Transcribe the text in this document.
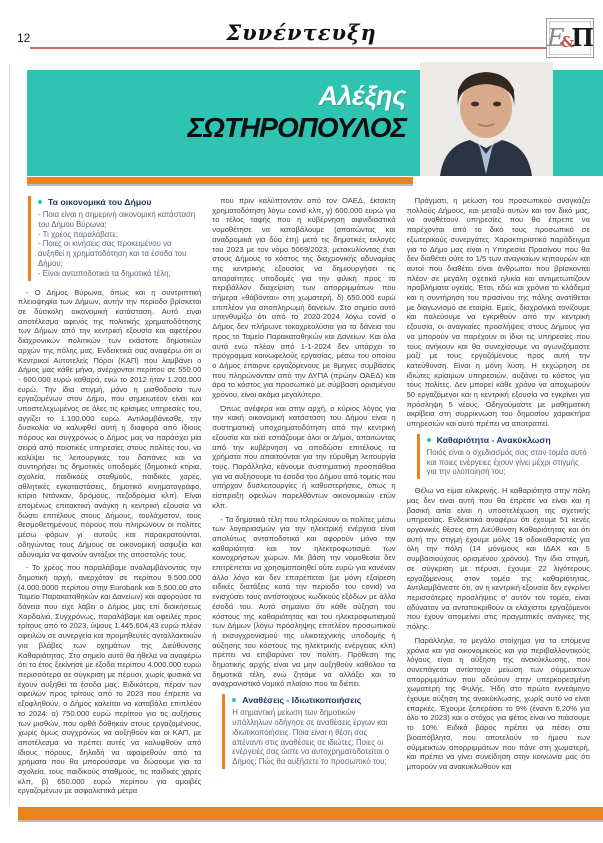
12	Συνέντευξη	Ε
&
Π
Αλέξης
ΣΩΤΗΡΟΠΟΥΛΟΣ
Τα οικονομικά του Δήμου
- Ποια είναι η σημερινή οικονομική κατάσταση του Δήμου Βύρωνα;
- Τι χρέος παραλάβατε;
- Ποιες οι κινήσεις σας προκειμένου να αυξηθεί η χρηματοδότηση και τα έσοδα του Δήμου;
- Είναι ανταποδοτικά τα δημοτικά τέλη;

- Ο Δήμος Βύρωνα, όπως και η συντριπτική πλειοψηφία των Δήμων, αυτήν την περίοδο βρίσκεται σε δύσκολη οικονομική κατάσταση. Αυτό είναι αποτέλεσμα αφενός της πολιτικής χρηματοδότησης των Δήμων από την κεντρική εξουσία και αφετέρου διαχρονικών πολιτικών των εκάστοτε δημοτικών αρχών της πόλης μας. Ενδεικτικά σας αναφέρω ότι οι Κεντρικοί Αυτοτελείς Πόροι (ΚΑΠ) που λαμβάνει ο Δήμος μας κάθε μήνα, ανέρχονται περίπου σε 550.00 - 600.000 ευρώ καθαρά, ενώ το 2012 ήταν 1.200.000 ευρώ. Την ίδια στιγμή, μόνο η μισθοδοσία των εργαζομένων στον Δήμο, που σημειωτέον είναι και υποστελεχωμένος σε όλες τις κρίσιμες υπηρεσίες του, αγγίζει το 1.100.000 ευρώ. Αντιλαμβάνεσθε, την δυσκολία να καλυφθεί αυτή η διαφορά από ίδιους πόρους και συγχρόνως ο Δήμος μας να παράσχει μία σειρά από ποιοτικές υπηρεσίες στους πολίτες του, να καλύψει τις λειτουργικές του δαπάνες και να συντηρήσει τις δημοτικές υποδομές (δημοτικά κτίρια, σχολεία, παιδικούς σταθμούς, παιδικές χαρές, αθλητικές εγκαταστάσεις, δημοτικό κινηματογράφο, κτίριο Ντάνκαν, δρόμους, πεζοδρόμια κλπ). Είναι επομένως επιτακτική ανάγκη η κεντρική εξουσία να δώσει επιτέλους στους Δήμους, τουλάχιστον, τους θεσμοθετημένους πόρους που πληρώνουν οι πολίτες μέσω φόρων γι` αυτούς και παρακρατούνται, οδηγώντας τους Δήμους σε οικονομική ασφυξία και αδυναμία να φανούν αντάξιοι της αποστολής τους.

- Το χρέος που παραλάβαμε αναλαμβάνοντας την δημοτική αρχή, ανερχόταν σε περίπου 9.500.000 (4.000.0000 περίπου στην Eurobank και 5.500.00 στο Ταμείο Παρακαταθηκών και Δανείων) και αφορούσε τα δάνεια που είχε λάβει ο Δήμος μας επί διοικήσεως Χαρδαλιά. Συγχρόνως, παραλάβαμε και οφειλές προς τρίτους από το 2023, ύψους 1.445.604,43 ευρώ πλέον οφειλών σε συνεργεία και προμηθευτές ανταλλακτικών για βλάβες των οχημάτων της Διεύθυνσης Καθαριότητας. Στο σημείο αυτό θα ήθελα να αναφέρω ότι το έτος ξεκίνησε με έξοδα περίπου 4.000.000 ευρώ περισσότερα σε σύγκριση με πέρυσι, χωρίς φυσικά να έχουν αυξηθεί τα έσοδα μας. Ειδικότερα, πέραν των οφειλών προς τρίτους από το 2023 που έπρεπε να εξοφληθούν, ο Δήμος καλείται να καταβάλει επιπλέον το 2024: α) 750.000 ευρώ περίπου για τις αυξήσεις των μισθών, που ορθά δόθηκαν στους εργαζομένους, χωρίς όμως συγχρόνως να αυξηθούν και οι ΚΑΠ, με αποτέλεσμα να πρέπει αυτές να καλυφθούν από ίδιους πόρους, δηλαδή να αφαιρεθούν από τα χρήματα που θα μπορούσαμε να δώσουμε για τα σχολεία, τους παιδικούς σταθμούς, τις παιδικές χαρές κλπ, β) 650.000 ευρώ περίπου για αμοιβές εργαζομένων με ασφαλιστικά μέτρα

που πριν καλύπτονταν από τον ΟΑΕΔ, έκτακτη χρηματοδότηση λόγω covid κλπ, γ) 600.000 ευρώ για το τέλος ταφής που η κυβέρνηση αιφνιδιαστικά νομοθέτησε να καταβάλουμε (απαιτώντας και αναδρομικά για δύο έτη) μετά τις δημοτικές εκλογές του 2023 με τον νόμο 5069/2023, μετακυλίοντας έτσι στους Δήμους το κόστος της διαχρονικής αδυναμίας της κεντρικής εξουσίας να δημιουργήσει τις απαραίτητες υποδομές για την φιλική προς το περιβάλλον διαχείριση των απορριμμάτων που σήμερα «θάβονται» στη χωματερή, δ) 650.000 ευρώ επιπλέον για αποπληρωμή δανείων. Στο σημείο αυτό υπενθυμίζω ότι από το 2020-2024 λόγω covid ο Δήμος δεν πλήρωνε τοκοχρεολύσια για τα δάνεια του προς το Ταμείο Παρακαταθηκών και Δανείων. Και όλα αυτά ενώ πλέον από 1-1-2024 δεν υπάρχει το πρόγραμμα κοινωφελούς εργασίας, μέσω του οποίου ο Δήμος έπαιρνε εργαζόμενους με 8μηνες συμβάσεις που πληρώνονταν από την ΔΥΠΑ (πρώην ΟΑΕΔ) και άρα το κόστος για προσωπικό με σύμβαση ορισμένου χρόνου, είναι ακόμα μεγαλύτερο.

Όπως ανέφερα και στην αρχή, ο κύριος λόγος για την κακή οικονομική κατάσταση του Δήμου είναι η συστηματική υποχρηματοδότηση από την κεντρική εξουσία και εκεί εστιάζουμε όλοι οι Δήμοι, απαιτώντας από την κυβέρνηση να αποδώσει επιτέλους τα χρήματα που απαιτούνται για την εύρυθμη λειτουργία τους. Παράλληλα, κάνουμε συστηματική προσπάθεια για να αυξήσουμε τα έσοδα του Δήμου από τομείς που υπήρχαν δυσλειτουργίες ή καθυστερήσεις, όπως η είσπραξη οφειλών παρελθόντων οικονομικών ετών κλπ.

- Τα δημοτικά τέλη που πληρώνουν οι πολίτες μέσω των λογαριασμών για την ηλεκτρική ενέργεια είναι απολύτως ανταποδοτικά και αφορούν μόνο την καθαριότητα και τον ηλεκτροφωτισμό των κοινοχρήστων χώρων. Με βάση την νομοθεσία δεν επιτρέπεται να χρησιμοποιηθεί ούτε ευρώ για κανέναν άλλο λόγο και δεν επιτρέπεται (με μόνη εξαίρεση ειδικές διατάξεις κατά την περίοδο του covid) να ενισχύσει τους αντίστοιχους κωδικούς εξόδων με άλλα έσοδά του. Αυτό σημαίνει ότι κάθε αύξηση του κόστους της καθαριότητας και του ηλεκτροφωτισμού των Δήμων (λόγω πρόσληψης επιπλέον προσωπικού ή εκσυγχρονισμού της υλικοτεχνικής υποδομής ή αύξησης του κόστους της ηλεκτρικής ενέργειας κλπ) πρέπει να επιβαρύνει τον πολίτη. Πρόθεση της δημοτικής αρχής είναι να μην αυξηθούν καθόλου τα δημοτικά τέλη, ενώ ζητάμε να αλλάξει και το αναχρονιστικό νομικό πλαίσιο που τα διέπει.

Αναθέσεις - Ιδιωτικοποιήσεις
Η σημαντική μείωση των δημοτικών υπάλληλων οδήγησε σε αναθέσεις έργων και ιδιωτικοποιήσεις. Ποια είναι η θέση σας απέναντι στις αναθέσεις σε ιδιώτες; Ποιες οι ενέργειές σας ώστε να αυτοχρηματοδοτείται ο Δήμος; Πώς θα αυξήσετε το προσωπικό του;

Πράγματι, η μείωση του προσωπικού αναγκάζει πολλούς Δήμους, και μεταξύ αυτών και τον δικό μας, να αναθέτουν υπηρεσίες που θα έπρεπε να παρέχονται από το δικό τους προσωπικό σε εξωτερικούς συνεργάτες. Χαρακτηριστικό παράδειγμα για το Δήμο μας είναι η Υπηρεσία Πρασίνου που θα δεν διαθέτει ούτε το 1/5 των αναγκαίων κηπουρών και αυτοί που διαθέτει είναι άνθρωποι που βρίσκονται πλέον σε μεγάλη σχετικά ηλικία και αντιμετωπίζουν προβλήματα υγείας. Έτσι, εδώ και χρόνια το κλάδεμα και η συντήρηση του πρασίνου της πόλης ανατίθεται με διαγωνισμό σε εταιρία. Εμείς, διαχρονικά τονίζουμε και παλεύουμε να εγκριθούν από την κεντρική εξουσία, οι αναγκαίες προσλήψεις στους Δήμους για να μπορούν να παρέχουν οι ίδιοι τις υπηρεσίες που τους ανήκουν και θα συνεχίσουμε να αγωνιζόμαστε μαζί με τους εργαζόμενους προς αυτή την κατεύθυνση. Είναι η μόνη λύση. Η εκχώρηση σε ιδιώτες κρίσιμων υπηρεσιών, αυξάνει το κόστος για τους πολίτες. Δεν μπορεί κάθε χρόνο να αποχωρούν 50 εργαζόμενοι και η κεντρική εξουσία να εγκρίνει για πρόσληψη 5 νέους. Οδηγούμαστε με μαθηματική ακρίβεια στη συρρίκνωση του δημοσίου χαρακτήρα υπηρεσιών και αυτό πρέπει να αποτραπεί.

Καθαριότητα - Ανακύκλωση
Ποιός είναι ο σχεδιασμός σας στον τομέα αυτό και ποιες ενέργειες έχουν γίνει μέχρι στιγμής για την υλοποίησή του;

Θέλω να είμαι ειλικρινής. Η καθαριότητα στην πόλη μας δεν είναι αυτή που θα έπρεπε να είναι και η βασική αιτία είναι η υποστελέχωση της σχετικής υπηρεσίας. Ενδεικτικά αναφέρω ότι έχουμε 51 κενές οργανικές θέσεις στη Διεύθυνση Καθαριότητας και ότι αυτή την στιγμή έχουμε μόλις 19 οδοκαθαριστές για όλη την πόλη (14 μόνιμους και ΙΔΑΧ και 5 συμβασιούχους ορισμένου χρόνου). Την ίδια στιγμή, σε σύγκριση με πέρυσι, έχουμε 22 λιγότερους εργαζόμενους στον τομέα της καθαριότητας. Αντιλαμβάνεστε ότι, αν η κεντρική εξουσία δεν εγκρίνει περισσότερες προσλήψεις σ' αυτόν τον τομέα, είναι αδύνατον να ανταποκριθούν οι ελάχιστοι εργαζόμενοι που έχουν απομείνει στις πραγματικές ανάγκες της πόλης.

Παράλληλα, το μεγάλο στοίχημα για τα επόμενα χρόνια και για οικονομικούς και για περιβαλλοντικούς λόγους είναι η αύξηση της ανακύκλωσης, που συνεπάγεται αντίστοιχα μείωση των σύμμεικτων απορριμμάτων που οδεύουν στην υπερκορεσμένη χωματερή της Φυλής. Ήδη στο πρώτο εννεάμηνο έχουμε αύξηση της ανακύκλωσης, χωρίς αυτό να είναι επαρκές. Έχουμε ξεπεράσει το 9% (έναντι 6,20% για όλο το 2023) και ο στόχος για φέτος είναι να πιάσουμε το 10%. Ειδικό βάρος πρέπει να πέσει στα βιοαπόβλητα, που αποτελούν το ήμισυ των σύμμεικτων απορριμμάτων που πάνε στη χωματερή, και πρέπει να γίνει συνείδηση στην κοινωνία μας ότι μπορούν να ανακυκλωθούν και
